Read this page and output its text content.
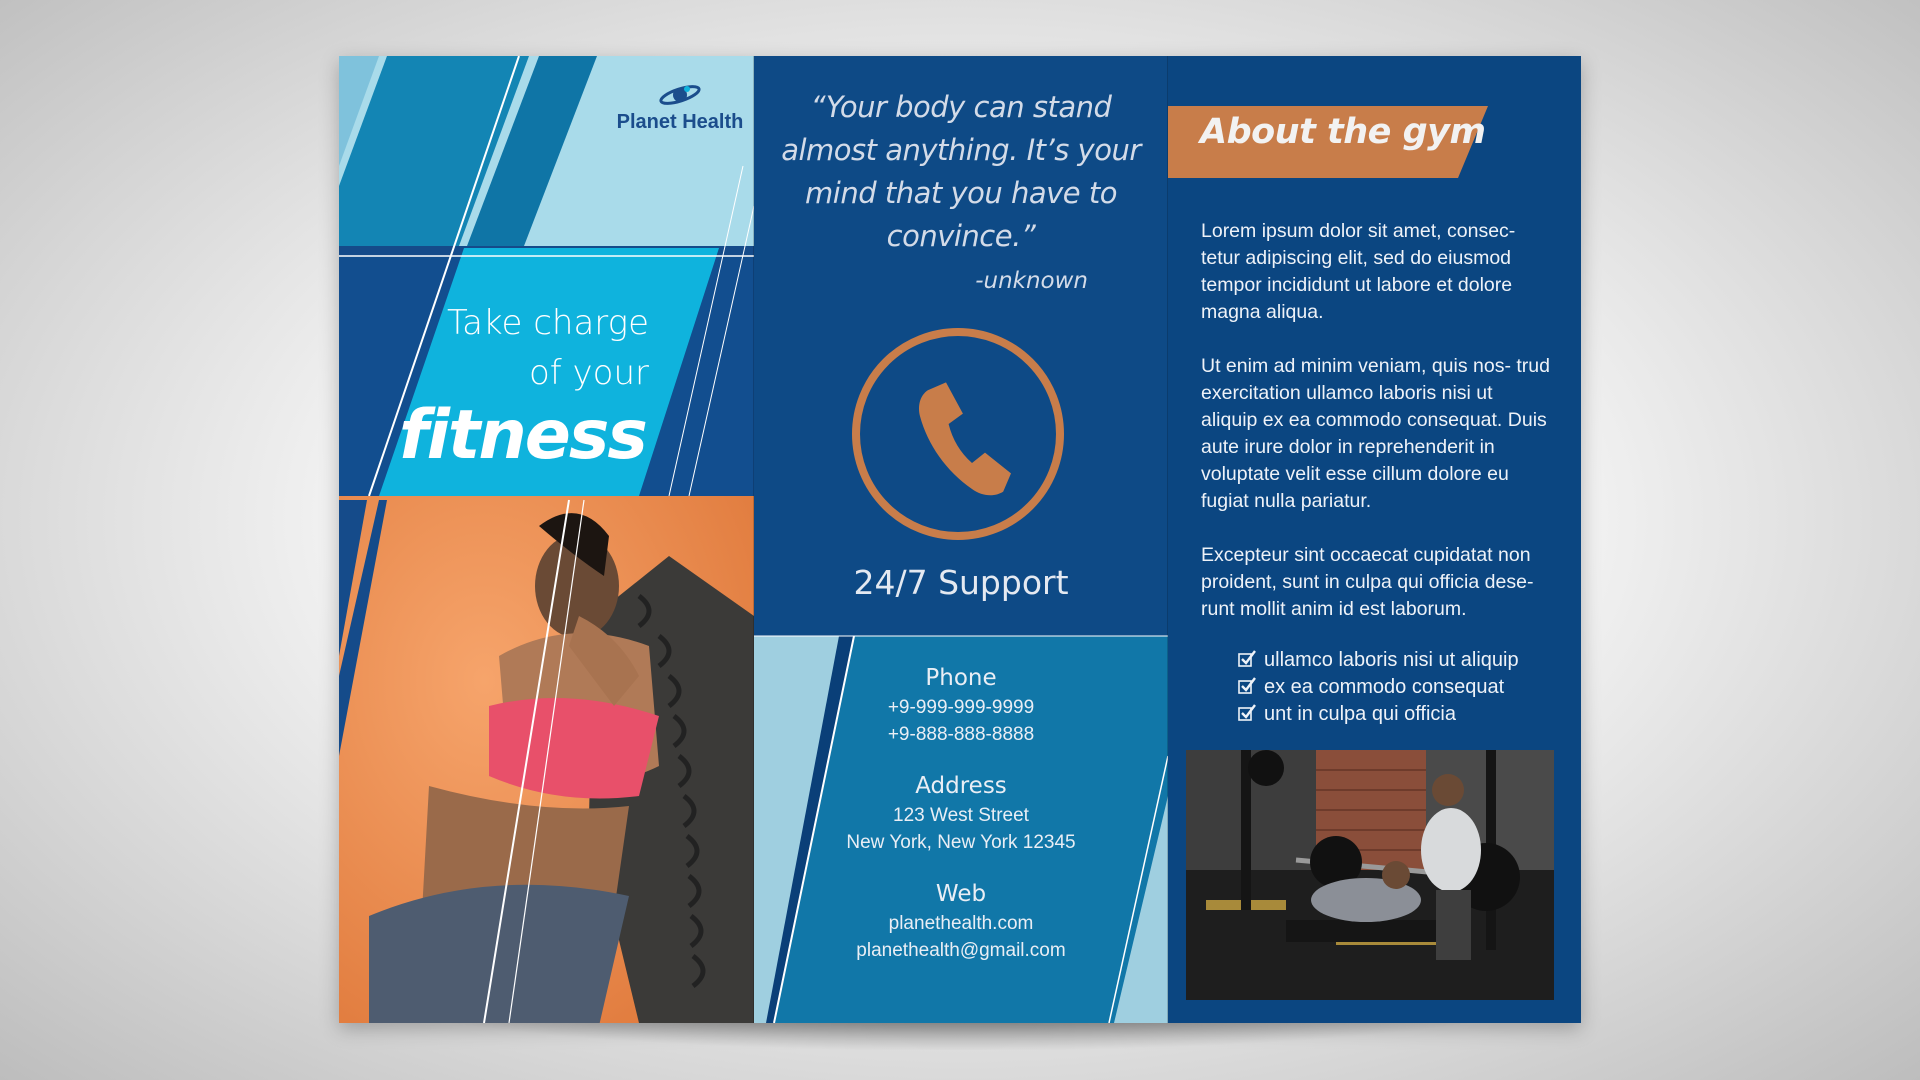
Planet Health
Take charge
of your
fitness
“Your body can stand almost anything. It’s your mind that you have to convince.”
-unknown
24/7 Support
Phone
+9-999-999-9999
+9-888-888-8888
Address
123 West Street
New York, New York 12345
Web
planethealth.com
planethealth@gmail.com
About the gym
Lorem ipsum dolor sit amet, consec- tetur adipiscing elit, sed do eiusmod tempor incididunt ut labore et dolore magna aliqua.
Ut enim ad minim veniam, quis nos- trud exercitation ullamco laboris nisi ut aliquip ex ea commodo consequat. Duis aute irure dolor in reprehenderit in voluptate velit esse cillum dolore eu fugiat nulla pariatur.
Excepteur sint occaecat cupidatat non proident, sunt in culpa qui officia dese- runt mollit anim id est laborum.
ullamco laboris nisi ut aliquip
ex ea commodo consequat
unt in culpa qui officia
